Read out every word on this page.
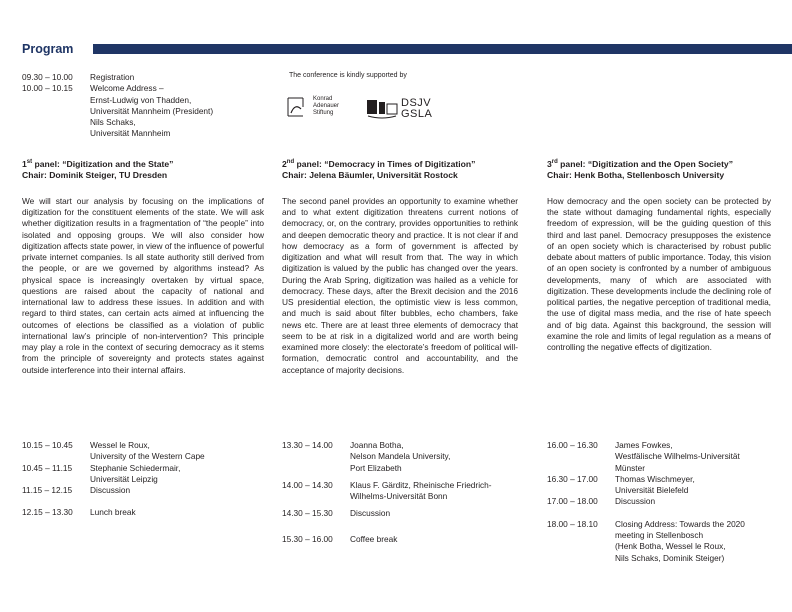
Program
09.30 – 10.00	Registration
10.00 – 10.15	Welcome Address –
Ernst-Ludwig von Thadden,
Universität Mannheim (President)
Nils Schaks,
Universität Mannheim
The conference is kindly supported by
Konrad
Adenauer
Stiftung
DSJV
GSLA
1st panel: “Digitization and the State”
Chair: Dominik Steiger, TU Dresden
We will start our analysis by focusing on the implications of digitization for the constituent elements of the state. We will ask whether digitization results in a fragmentation of “the people” into isolated and opposing groups. We will also consider how digitization affects state power, in view of the influence of powerful private internet companies. Is all state authority still derived from the people, or are we governed by algorithms instead? As physical space is increasingly overtaken by virtual space, questions are raised about the capacity of national and international law to address these issues. In addition and with regard to third states, can certain acts aimed at influencing the outcomes of elections be classified as a violation of public international law’s principle of non-intervention? This principle may play a role in the context of securing democracy as it stems from the principle of sovereignty and protects states against outside interference into their internal affairs.
10.15 – 10.45	Wessel le Roux,
University of the Western Cape
10.45 – 11.15	Stephanie Schiedermair,
Universität Leipzig
11.15 – 12.15	Discussion
12.15 – 13.30	Lunch break
2nd panel: “Democracy in Times of Digitization”
Chair: Jelena Bäumler, Universität Rostock
The second panel provides an opportunity to examine whether and to what extent digitization threatens current notions of democracy, or, on the contrary, provides opportunities to rethink and deepen democratic theory and practice. It is not clear if and how democracy as a form of government is affected by digitization and what will result from that. The way in which digitization is valued by the public has changed over the years. During the Arab Spring, digitization was hailed as a vehicle for democracy. These days, after the Brexit decision and the 2016 US presidential election, the optimistic view is less common, and much is said about filter bubbles, echo chambers, fake news etc. There are at least three elements of democracy that seem to be at risk in a digitalized world and are worth being examined more closely: the electorate’s freedom of political will-formation, democratic control and accountability, and the acceptance of majority decisions.
13.30 – 14.00	Joanna Botha,
Nelson Mandela University,
Port Elizabeth
14.00 – 14.30	Klaus F. Gärditz, Rheinische Friedrich-
Wilhelms-Universität Bonn
14.30 – 15.30	Discussion
15.30 – 16.00	Coffee break
3rd panel: “Digitization and the Open Society”
Chair: Henk Botha, Stellenbosch University
How democracy and the open society can be protected by the state without damaging fundamental rights, especially freedom of expression, will be the guiding question of this third and last panel. Democracy presupposes the existence of an open society which is characterised by robust public debate about matters of public importance. Today, this vision of an open society is confronted by a number of ambiguous developments, many of which are associated with digitization. These developments include the declining role of political parties, the negative perception of traditional media, the use of digital mass media, and the rise of hate speech and of big data. Against this background, the session will examine the role and limits of legal regulation as a means of controlling the negative effects of digitization.
16.00 – 16.30	James Fowkes,
Westfälische Wilhelms-Universität
Münster
16.30 – 17.00	Thomas Wischmeyer,
Universität Bielefeld
17.00 – 18.00	Discussion
18.00 – 18.10	Closing Address: Towards the 2020
meeting in Stellenbosch
(Henk Botha, Wessel le Roux,
Nils Schaks, Dominik Steiger)
